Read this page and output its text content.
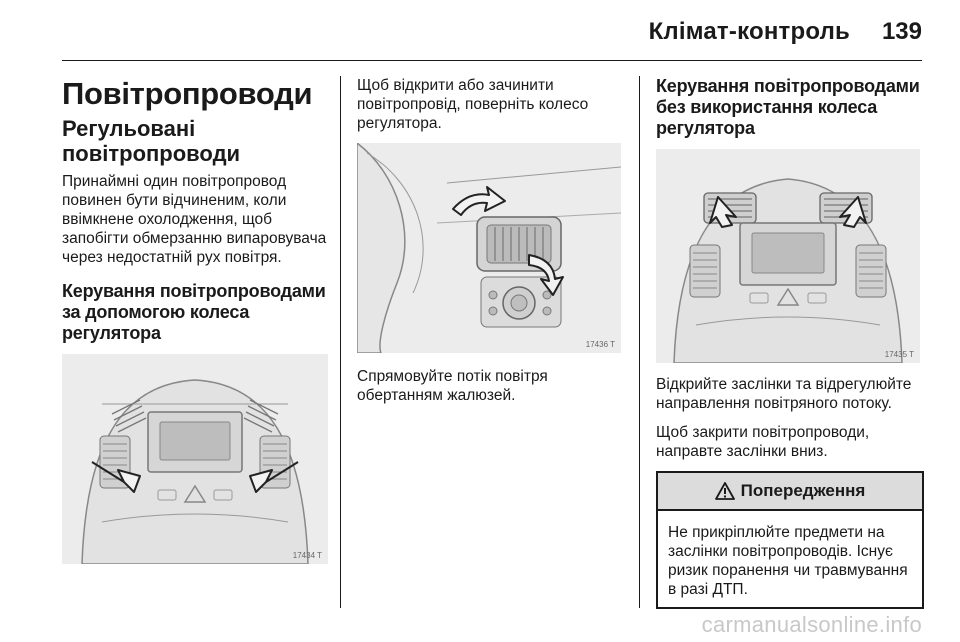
Клімат-контроль 139
Повітропроводи
Регульовані повітропроводи
Принаймні один повітропровод повинен бути відчиненим, коли ввімкнене охолодження, щоб запобігти обмерзанню випаровувача через недостатній рух повітря.
Керування повітропроводами за допомогою колеса регулятора
17434 T
Щоб відкрити або зачинити повітропровід, поверніть колесо регулятора.
17436 T
Спрямовуйте потік повітря обертанням жалюзей.
Керування повітропроводами без використання колеса регулятора
17435 T
Відкрийте заслінки та відрегулюйте направлення повітряного потоку.
Щоб закрити повітропроводи, направте заслінки вниз.
Попередження
Не прикріплюйте предмети на заслінки повітропроводів. Існує ризик поранення чи травмування в разі ДТП.
carmanualsonline.info
